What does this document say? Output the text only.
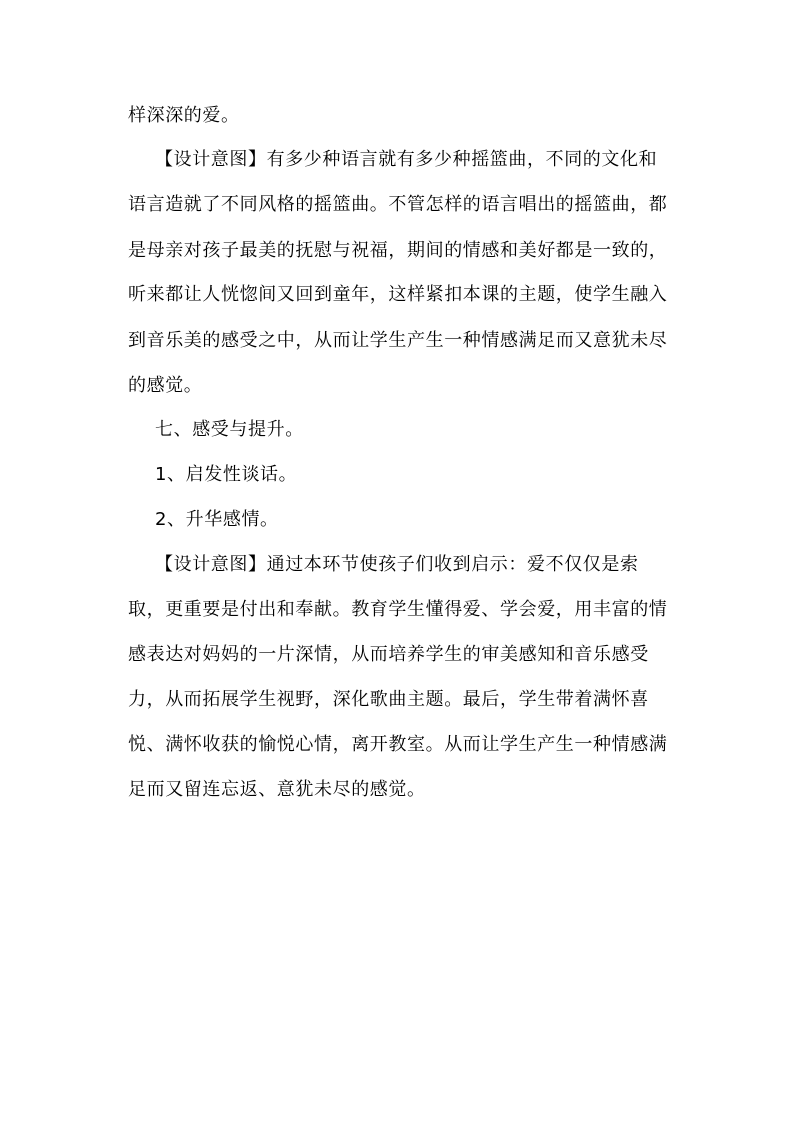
样深深的爱。
【设计意图】有多少种语言就有多少种摇篮曲，不同的文化和
语言造就了不同风格的摇篮曲。不管怎样的语言唱出的摇篮曲，都
是母亲对孩子最美的抚慰与祝福，期间的情感和美好都是一致的，
听来都让人恍惚间又回到童年，这样紧扣本课的主题，使学生融入
到音乐美的感受之中，从而让学生产生一种情感满足而又意犹未尽
的感觉。
七、感受与提升。
1、启发性谈话。
2、升华感情。
【设计意图】通过本环节使孩子们收到启示：爱不仅仅是索
取，更重要是付出和奉献。教育学生懂得爱、学会爱，用丰富的情
感表达对妈妈的一片深情，从而培养学生的审美感知和音乐感受
力，从而拓展学生视野，深化歌曲主题。最后，学生带着满怀喜
悦、满怀收获的愉悦心情，离开教室。从而让学生产生一种情感满
足而又留连忘返、意犹未尽的感觉。
